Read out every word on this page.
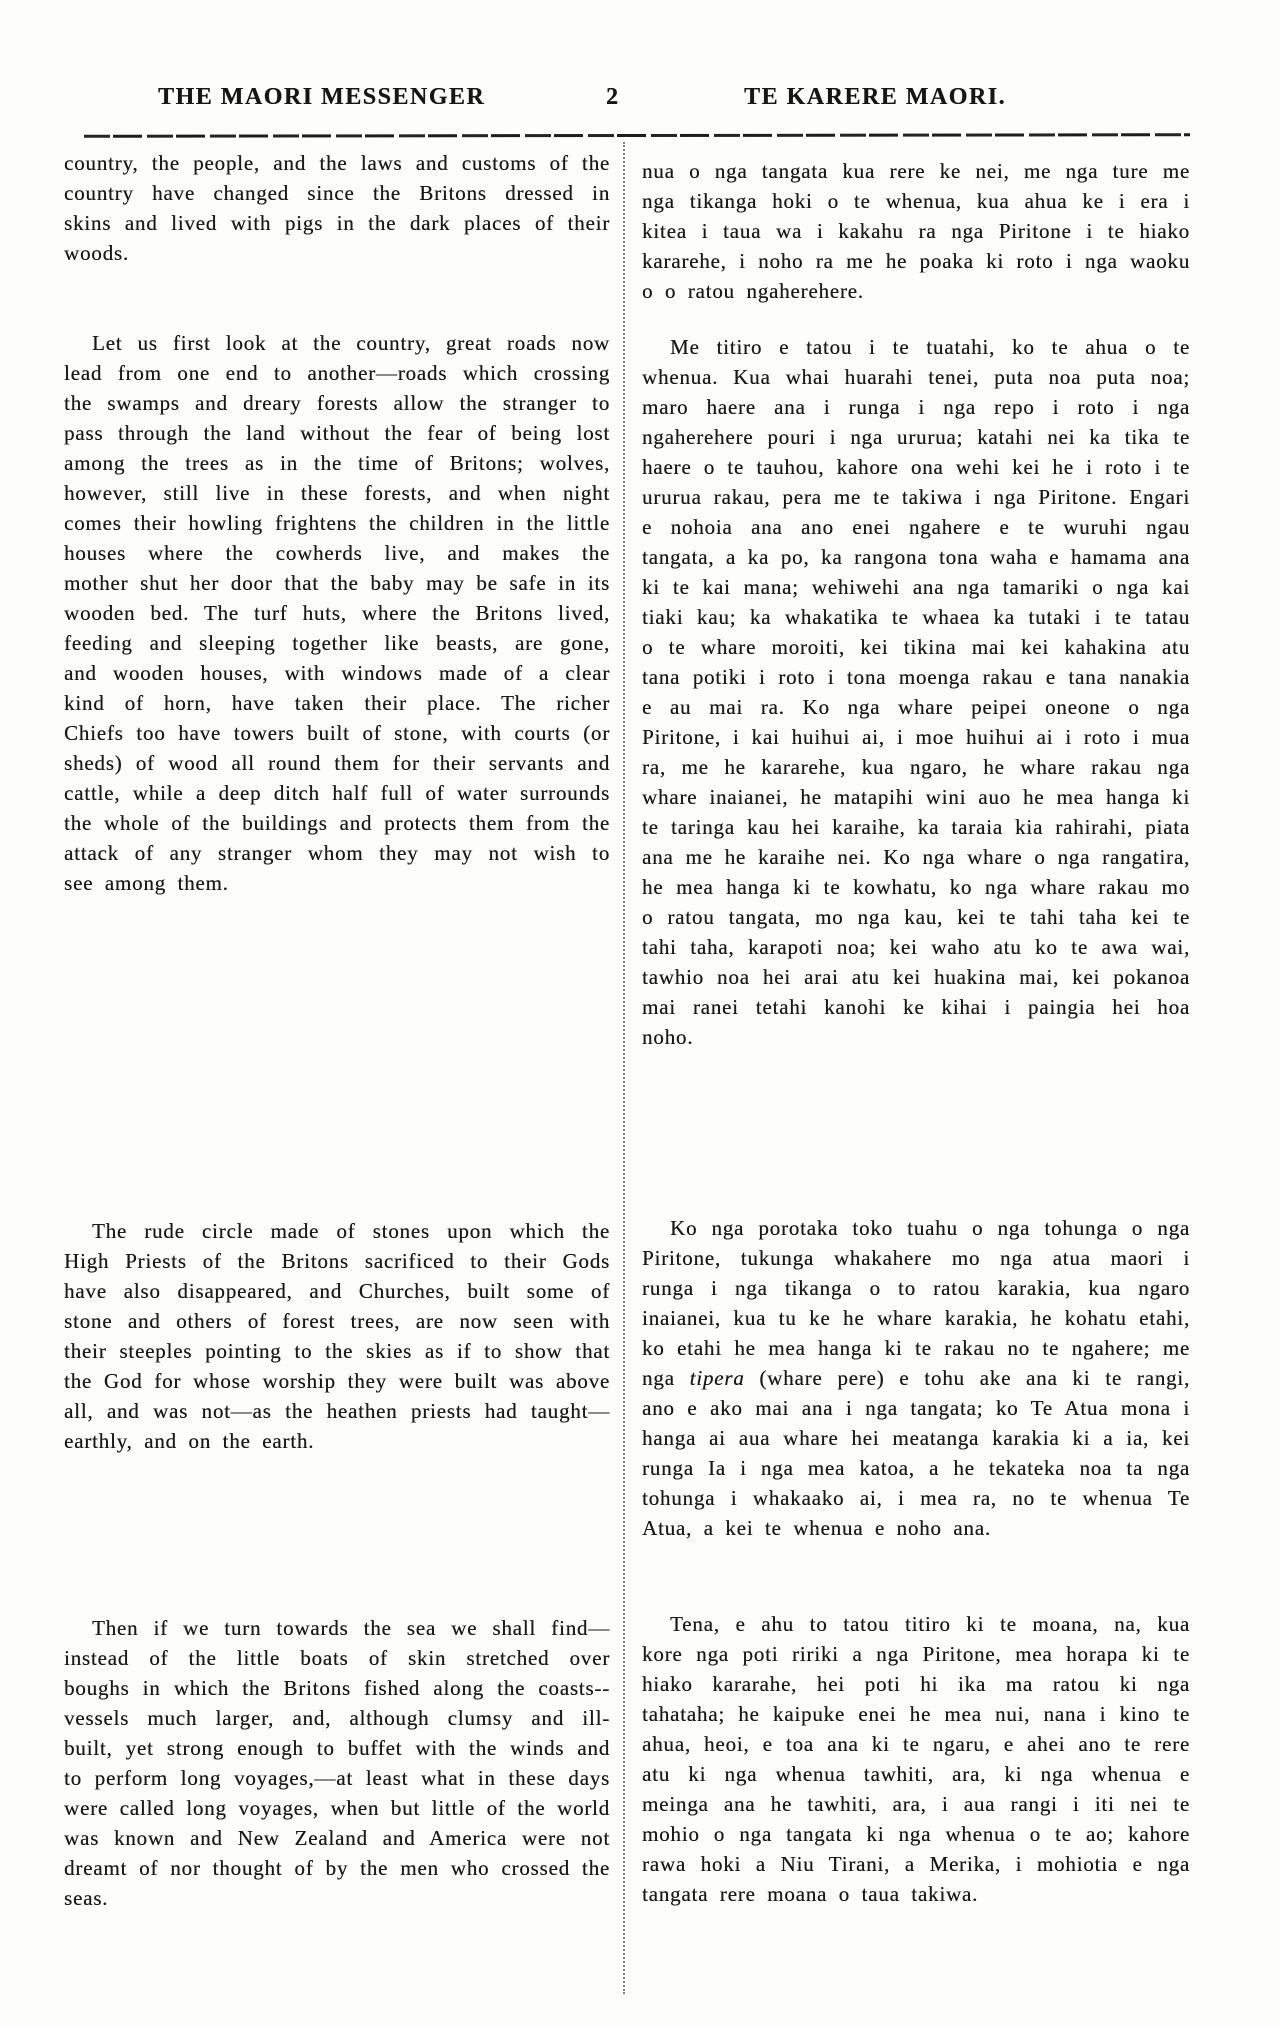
THE MAORI MESSENGER	2	TE KARERE MAORI.

country, the people, and the laws and customs of the country have changed since the Britons dressed in skins and lived with pigs in the dark places of their woods.

Let us first look at the country, great roads now lead from one end to another—roads which crossing the swamps and dreary forests allow the stranger to pass through the land without the fear of being lost among the trees as in the time of Britons; wolves, however, still live in these forests, and when night comes their howling frightens the children in the little houses where the cowherds live, and makes the mother shut her door that the baby may be safe in its wooden bed. The turf huts, where the Britons lived, feeding and sleeping together like beasts, are gone, and wooden houses, with windows made of a clear kind of horn, have taken their place. The richer Chiefs too have towers built of stone, with courts (or sheds) of wood all round them for their servants and cattle, while a deep ditch half full of water surrounds the whole of the buildings and protects them from the attack of any stranger whom they may not wish to see among them.

The rude circle made of stones upon which the High Priests of the Britons sacrificed to their Gods have also disappeared, and Churches, built some of stone and others of forest trees, are now seen with their steeples pointing to the skies as if to show that the God for whose worship they were built was above all, and was not—as the heathen priests had taught—earthly, and on the earth.

Then if we turn towards the sea we shall find—instead of the little boats of skin stretched over boughs in which the Britons fished along the coasts--vessels much larger, and, although clumsy and ill-built, yet strong enough to buffet with the winds and to perform long voyages,—at least what in these days were called long voyages, when but little of the world was known and New Zealand and America were not dreamt of nor thought of by the men who crossed the seas.

nua o nga tangata kua rere ke nei, me nga ture me nga tikanga hoki o te whenua, kua ahua ke i era i kitea i taua wa i kakahu ra nga Piritone i te hiako kararehe, i noho ra me he poaka ki roto i nga waoku o o ratou ngaherehere.

Me titiro e tatou i te tuatahi, ko te ahua o te whenua. Kua whai huarahi tenei, puta noa puta noa; maro haere ana i runga i nga repo i roto i nga ngaherehere pouri i nga ururua; katahi nei ka tika te haere o te tauhou, kahore ona wehi kei he i roto i te ururua rakau, pera me te takiwa i nga Piritone. Engari e nohoia ana ano enei ngahere e te wuruhi ngau tangata, a ka po, ka rangona tona waha e hamama ana ki te kai mana; wehiwehi ana nga tamariki o nga kai tiaki kau; ka whakatika te whaea ka tutaki i te tatau o te whare moroiti, kei tikina mai kei kahakina atu tana potiki i roto i tona moenga rakau e tana nanakia e au mai ra. Ko nga whare peipei oneone o nga Piritone, i kai huihui ai, i moe huihui ai i roto i mua ra, me he kararehe, kua ngaro, he whare rakau nga whare inaianei, he matapihi wini auo he mea hanga ki te taringa kau hei karaihe, ka taraia kia rahirahi, piata ana me he karaihe nei. Ko nga whare o nga rangatira, he mea hanga ki te kowhatu, ko nga whare rakau mo o ratou tangata, mo nga kau, kei te tahi taha kei te tahi taha, karapoti noa; kei waho atu ko te awa wai, tawhio noa hei arai atu kei huakina mai, kei pokanoa mai ranei tetahi kanohi ke kihai i paingia hei hoa noho.

Ko nga porotaka toko tuahu o nga tohunga o nga Piritone, tukunga whakahere mo nga atua maori i runga i nga tikanga o to ratou karakia, kua ngaro inaianei, kua tu ke he whare karakia, he kohatu etahi, ko etahi he mea hanga ki te rakau no te ngahere; me nga tipera (whare pere) e tohu ake ana ki te rangi, ano e ako mai ana i nga tangata; ko Te Atua mona i hanga ai aua whare hei meatanga karakia ki a ia, kei runga Ia i nga mea katoa, a he tekateka noa ta nga tohunga i whakaako ai, i mea ra, no te whenua Te Atua, a kei te whenua e noho ana.

Tena, e ahu to tatou titiro ki te moana, na, kua kore nga poti ririki a nga Piritone, mea horapa ki te hiako kararahe, hei poti hi ika ma ratou ki nga tahataha; he kaipuke enei he mea nui, nana i kino te ahua, heoi, e toa ana ki te ngaru, e ahei ano te rere atu ki nga whenua tawhiti, ara, ki nga whenua e meinga ana he tawhiti, ara, i aua rangi i iti nei te mohio o nga tangata ki nga whenua o te ao; kahore rawa hoki a Niu Tirani, a Merika, i mohiotia e nga tangata rere moana o taua takiwa.
